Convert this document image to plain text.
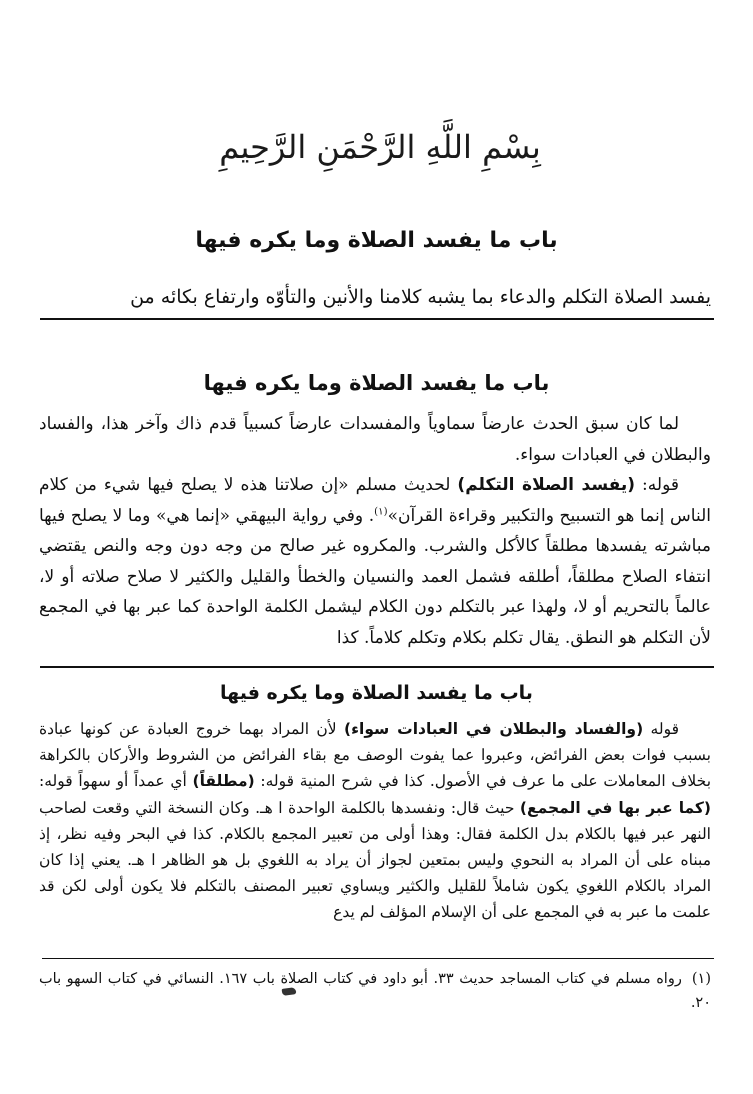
بِسْمِ اللَّهِ الرَّحْمَنِ الرَّحِيمِ
باب ما يفسد الصلاة وما يكره فيها
يفسد الصلاة التكلم والدعاء بما يشبه كلامنا والأنين والتأوّه وارتفاع بكائه من
باب ما يفسد الصلاة وما يكره فيها

لما كان سبق الحدث عارضاً سماوياً والمفسدات عارضاً كسبياً قدم ذاك وآخر هذا، والفساد والبطلان في العبادات سواء.

قوله: (يفسد الصلاة التكلم) لحديث مسلم «إن صلاتنا هذه لا يصلح فيها شيء من كلام الناس إنما هو التسبيح والتكبير وقراءة القرآن»$^{(١)}$. وفي رواية البيهقي «إنما هي» وما لا يصلح فيها مباشرته يفسدها مطلقاً كالأكل والشرب. والمكروه غير صالح من وجه دون وجه والنص يقتضي انتفاء الصلاح مطلقاً، أطلقه فشمل العمد والنسيان والخطأ والقليل والكثير لا صلاح صلاته أو لا، عالماً بالتحريم أو لا، ولهذا عبر بالتكلم دون الكلام ليشمل الكلمة الواحدة كما عبر بها في المجمع لأن التكلم هو النطق. يقال تكلم بكلام وتكلم كلاماً. كذا

باب ما يفسد الصلاة وما يكره فيها

قوله (والفساد والبطلان في العبادات سواء) لأن المراد بهما خروج العبادة عن كونها عبادة بسبب فوات بعض الفرائض، وعبروا عما يفوت الوصف مع بقاء الفرائض من الشروط والأركان بالكراهة بخلاف المعاملات على ما عرف في الأصول. كذا في شرح المنية قوله: (مطلقاً) أي عمداً أو سهواً قوله: (كما عبر بها في المجمع) حيث قال: ونفسدها بالكلمة الواحدة ا هـ. وكان النسخة التي وقعت لصاحب النهر عبر فيها بالكلام بدل الكلمة فقال: وهذا أولى من تعبير المجمع بالكلام. كذا في البحر وفيه نظر، إذ مبناه على أن المراد به النحوي وليس بمتعين لجواز أن يراد به اللغوي بل هو الظاهر ا هـ. يعني إذا كان المراد بالكلام اللغوي يكون شاملاً للقليل والكثير ويساوي تعبير المصنف بالتكلم فلا يكون أولى لكن قد علمت ما عبر به في المجمع على أن الإسلام المؤلف لم يدع

(١)رواه مسلم في كتاب المساجد حديث ٣٣. أبو داود في كتاب الصلاة باب ١٦٧. النسائي في كتاب السهو باب ٢٠.
